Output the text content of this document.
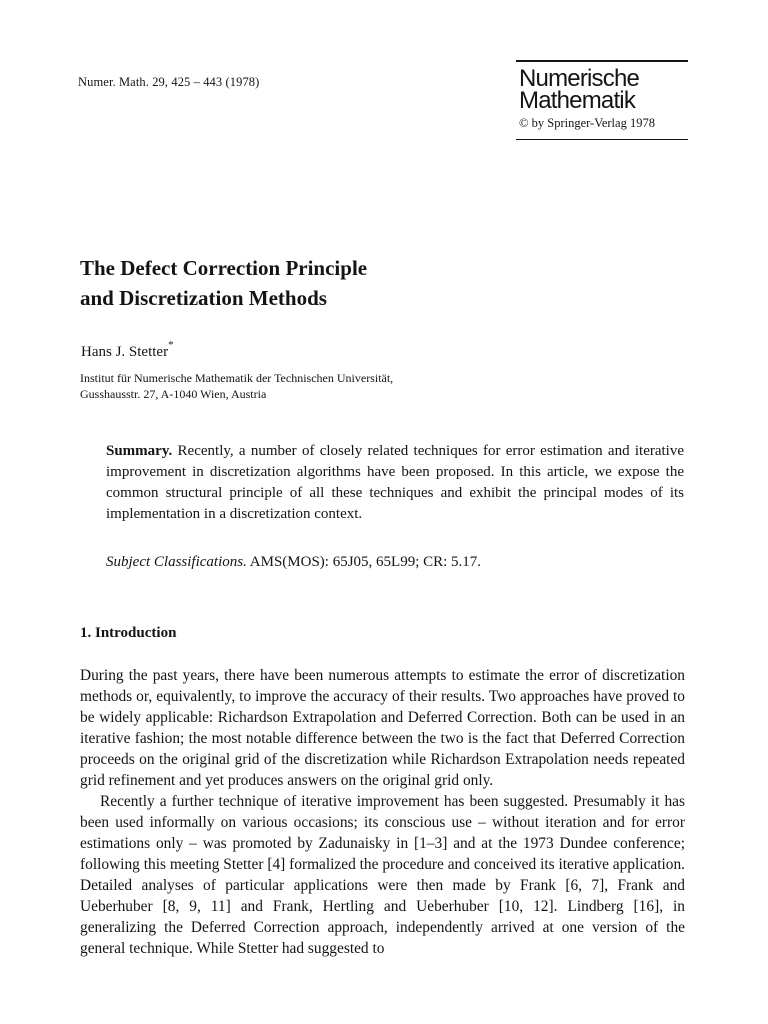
Numer. Math. 29, 425 – 443 (1978)	Numerische
Mathematik
© by Springer-Verlag 1978
The Defect Correction Principle
and Discretization Methods
Hans J. Stetter*
Institut für Numerische Mathematik der Technischen Universität,
Gusshausstr. 27, A-1040 Wien, Austria

Summary. Recently, a number of closely related techniques for error estimation and iterative improvement in discretization algorithms have been proposed. In this article, we expose the common structural principle of all these techniques and exhibit the principal modes of its implementation in a discretization context.

Subject Classifications. AMS(MOS): 65J05, 65L99; CR: 5.17.
1. Introduction

During the past years, there have been numerous attempts to estimate the error of discretization methods or, equivalently, to improve the accuracy of their results. Two approaches have proved to be widely applicable: Richardson Extrapolation and Deferred Correction. Both can be used in an iterative fashion; the most notable difference between the two is the fact that Deferred Correction proceeds on the original grid of the discretization while Richardson Extrapolation needs repeated grid refinement and yet produces answers on the original grid only.

Recently a further technique of iterative improvement has been suggested. Presumably it has been used informally on various occasions; its conscious use – without iteration and for error estimations only – was promoted by Zadunaisky in [1–3] and at the 1973 Dundee conference; following this meeting Stetter [4] formalized the procedure and conceived its iterative application. Detailed analyses of particular applications were then made by Frank [6, 7], Frank and Ueberhuber [8, 9, 11] and Frank, Hertling and Ueberhuber [10, 12]. Lindberg [16], in generalizing the Deferred Correction approach, independently arrived at one version of the general technique. While Stetter had suggested to
